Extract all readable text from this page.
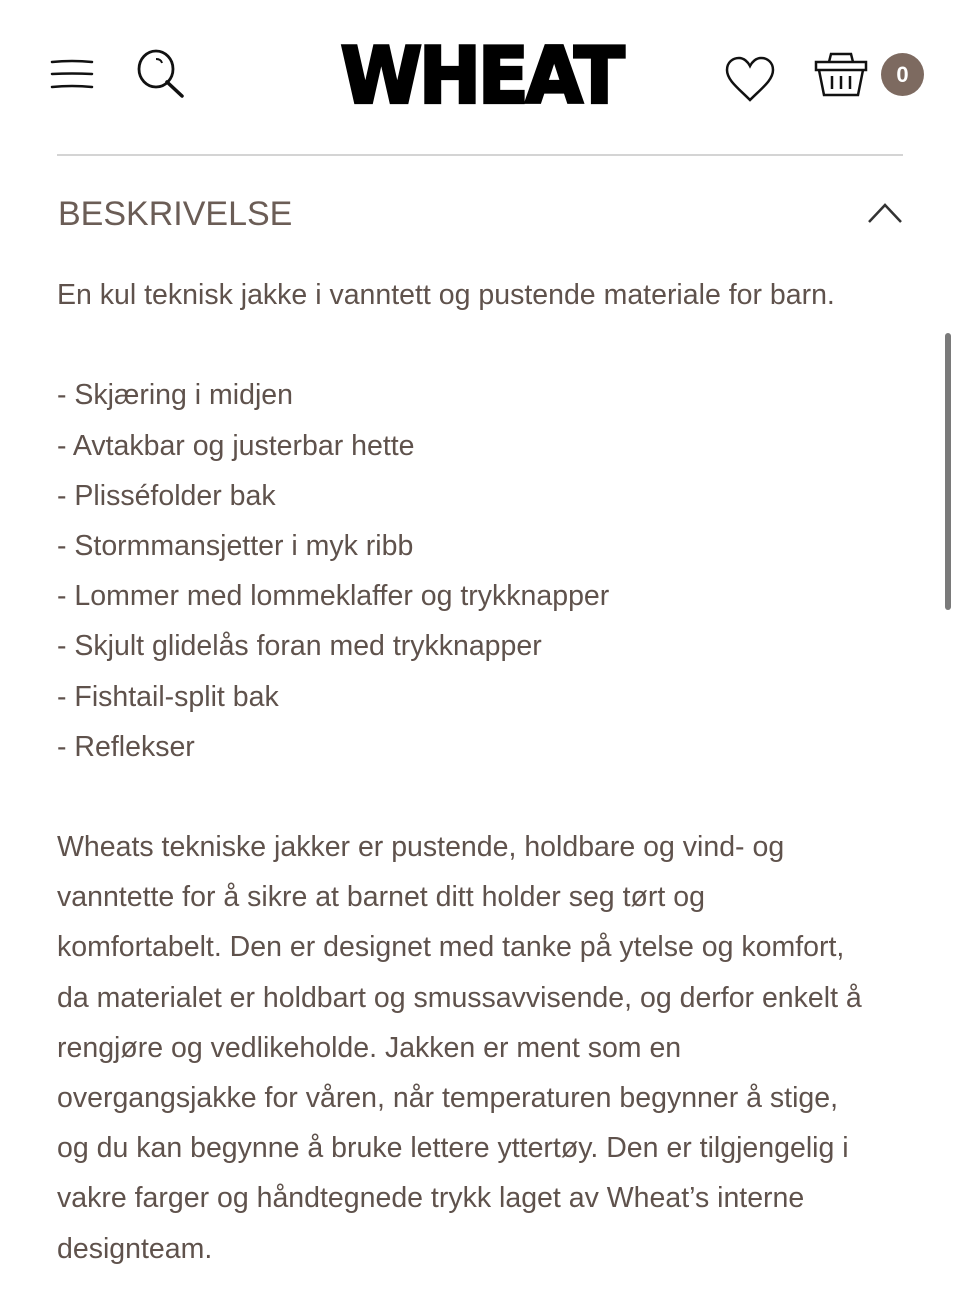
WHEAT	0
BESKRIVELSE
En kul teknisk jakke i vanntett og pustende materiale for barn.
- Skjæring i midjen
- Avtakbar og justerbar hette
- Plisséfolder bak
- Stormmansjetter i myk ribb
- Lommer med lommeklaffer og trykknapper
- Skjult glidelås foran med trykknapper
- Fishtail-split bak
- Reflekser
Wheats tekniske jakker er pustende, holdbare og vind- og
vanntette for å sikre at barnet ditt holder seg tørt og
komfortabelt. Den er designet med tanke på ytelse og komfort,
da materialet er holdbart og smussavvisende, og derfor enkelt å
rengjøre og vedlikeholde. Jakken er ment som en
overgangsjakke for våren, når temperaturen begynner å stige,
og du kan begynne å bruke lettere yttertøy. Den er tilgjengelig i
vakre farger og håndtegnede trykk laget av Wheat’s interne
designteam.
